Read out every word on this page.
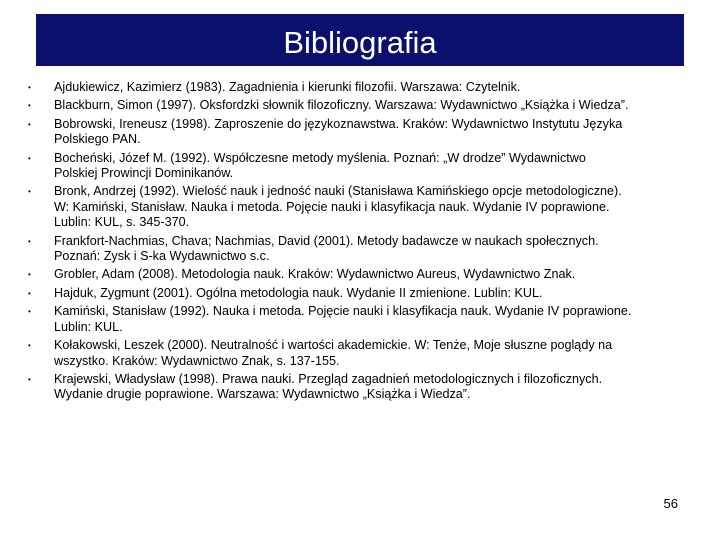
Bibliografia
•	Ajdukiewicz, Kazimierz (1983). Zagadnienia i kierunki filozofii. Warszawa: Czytelnik.
•	Blackburn, Simon (1997). Oksfordzki słownik filozoficzny. Warszawa: Wydawnictwo „Książka i Wiedza”.
•	Bobrowski, Ireneusz (1998). Zaproszenie do językoznawstwa. Kraków: Wydawnictwo Instytutu Języka
Polskiego PAN.
•	Bocheński, Józef M. (1992). Współczesne metody myślenia. Poznań: „W drodze” Wydawnictwo
Polskiej Prowincji Dominikanów.
•	Bronk, Andrzej (1992). Wielość nauk i jedność nauki (Stanisława Kamińskiego opcje metodologiczne).
W: Kamiński, Stanisław. Nauka i metoda. Pojęcie nauki i klasyfikacja nauk. Wydanie IV poprawione.
Lublin: KUL, s. 345-370.
•	Frankfort-Nachmias, Chava; Nachmias, David (2001). Metody badawcze w naukach społecznych.
Poznań: Zysk i S-ka Wydawnictwo s.c.
•	Grobler, Adam (2008). Metodologia nauk. Kraków: Wydawnictwo Aureus, Wydawnictwo Znak.
•	Hajduk, Zygmunt (2001). Ogólna metodologia nauk. Wydanie II zmienione. Lublin: KUL.
•	Kamiński, Stanisław (1992). Nauka i metoda. Pojęcie nauki i klasyfikacja nauk. Wydanie IV poprawione.
Lublin: KUL.
•	Kołakowski, Leszek (2000). Neutralność i wartości akademickie. W: Tenże, Moje słuszne poglądy na
wszystko. Kraków: Wydawnictwo Znak, s. 137-155.
•	Krajewski, Władysław (1998). Prawa nauki. Przegląd zagadnień metodologicznych i filozoficznych.
Wydanie drugie poprawione. Warszawa: Wydawnictwo „Książka i Wiedza”.
56
